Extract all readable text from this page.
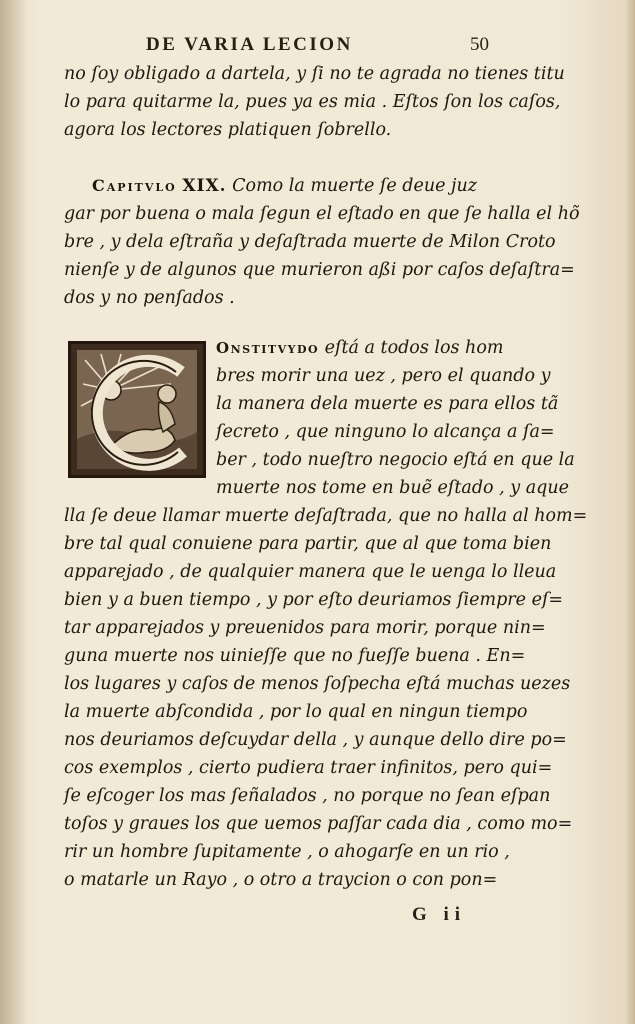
DE VARIA LECION	50
no ſoy obligado a dartela, y ſi no te agrada no tienes titu
lo para quitarme la, pues ya es mia . Eſtos ſon los caſos,
agora los lectores platiquen ſobrello.
Capitvlo XIX. Como la muerte ſe deue juz
gar por buena o mala ſegun el eſtado en que ſe halla el hõ
bre , y dela eſtraña y deſaſtrada muerte de Milon Croto
nienſe y de algunos que murieron aßi por caſos deſaſtra=
dos y no penſados .
Onstitvydo eſtá a todos los hom
bres morir una uez , pero el quando y
la manera dela muerte es para ellos tã
ſecreto , que ninguno lo alcança a ſa=
ber , todo nueſtro negocio eſtá en que la
muerte nos tome en buẽ eſtado , y aque
lla ſe deue llamar muerte deſaſtrada, que no halla al hom=
bre tal qual conuiene para partir, que al que toma bien
apparejado , de qualquier manera que le uenga lo lleua
bien y a buen tiempo , y por eſto deuriamos ſiempre eſ=
tar apparejados y preuenidos para morir, porque nin=
guna muerte nos uinieſſe que no fueſſe buena . En=
los lugares y caſos de menos ſoſpecha eſtá muchas uezes
la muerte abſcondida , por lo qual en ningun tiempo
nos deuriamos deſcuydar della , y aunque dello dire po=
cos exemplos , cierto pudiera traer infinitos, pero qui=
ſe eſcoger los mas ſeñalados , no porque no ſean eſpan
toſos y graues los que uemos paſſar cada dia , como mo=
rir un hombre ſupitamente , o ahogarſe en un rio ,
o matarle un Rayo , o otro a traycion o con pon=
G ii
